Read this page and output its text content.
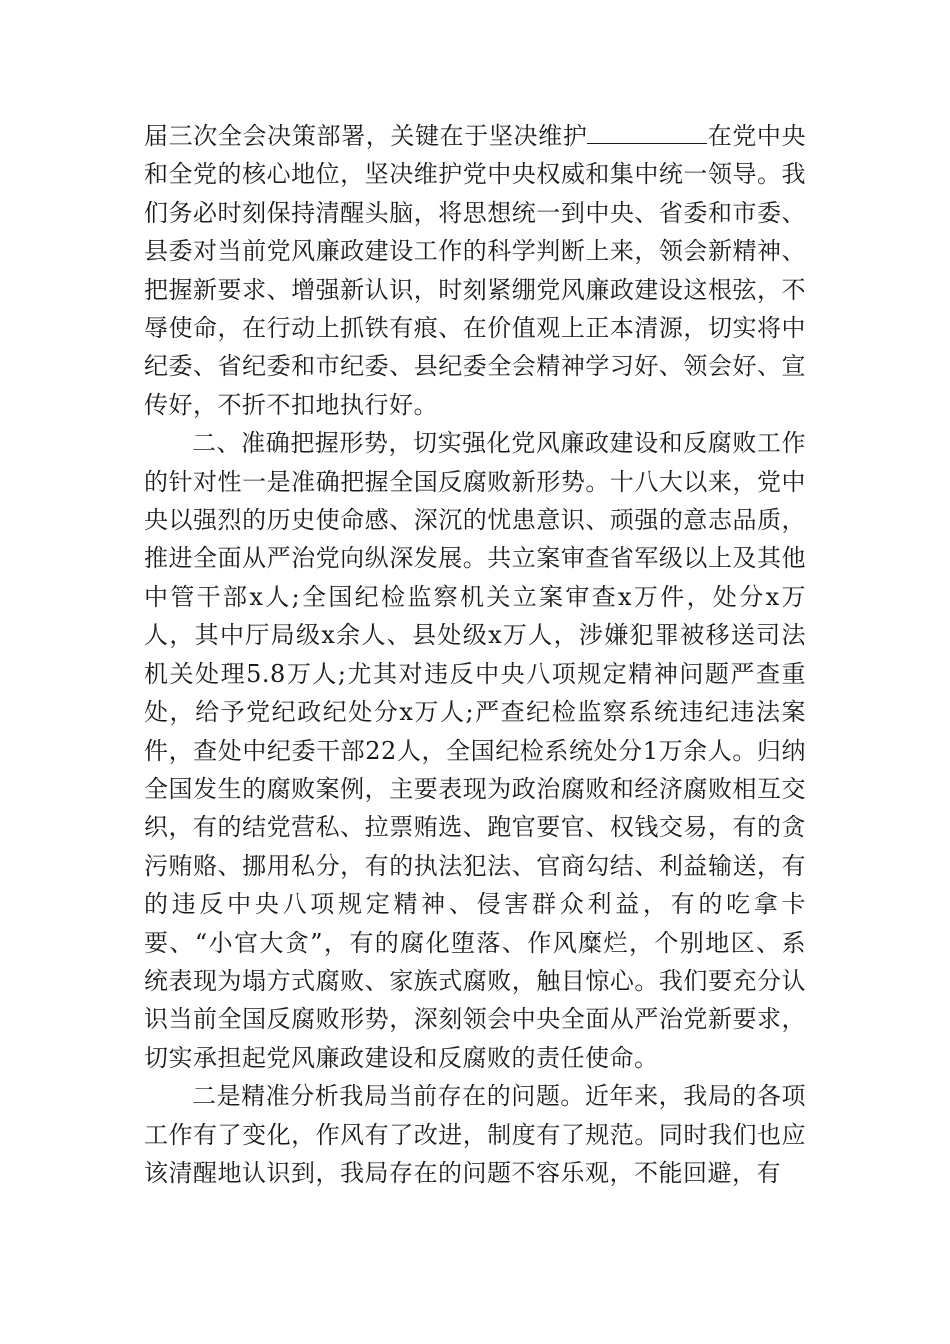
届三次全会决策部署，关键在于坚决维护	在党中央和全党的核心地位，坚决维护党中央权威和集中统一领导。我们务必时刻保持清醒头脑，将思想统一到中央、省委和市委、县委对当前党风廉政建设工作的科学判断上来，领会新精神、把握新要求、增强新认识，时刻紧绷党风廉政建设这根弦，不辱使命，在行动上抓铁有痕、在价值观上正本清源，切实将中纪委、省纪委和市纪委、县纪委全会精神学习好、领会好、宣传好，不折不扣地执行好。

二、准确把握形势，切实强化党风廉政建设和反腐败工作的针对性一是准确把握全国反腐败新形势。十八大以来，党中央以强烈的历史使命感、深沉的忧患意识、顽强的意志品质，推进全面从严治党向纵深发展。共立案审查省军级以上及其他中管干部x人;全国纪检监察机关立案审查x万件，处分x万人，其中厅局级x余人、县处级x万人，涉嫌犯罪被移送司法机关处理5.8万人;尤其对违反中央八项规定精神问题严查重处，给予党纪政纪处分x万人;严查纪检监察系统违纪违法案件，查处中纪委干部22人，全国纪检系统处分1万余人。归纳全国发生的腐败案例，主要表现为政治腐败和经济腐败相互交织，有的结党营私、拉票贿选、跑官要官、权钱交易，有的贪污贿赂、挪用私分，有的执法犯法、官商勾结、利益输送，有的违反中央八项规定精神、侵害群众利益，有的吃拿卡要、“小官大贪”，有的腐化堕落、作风糜烂，个别地区、系统表现为塌方式腐败、家族式腐败，触目惊心。我们要充分认识当前全国反腐败形势，深刻领会中央全面从严治党新要求，切实承担起党风廉政建设和反腐败的责任使命。

二是精准分析我局当前存在的问题。近年来，我局的各项工作有了变化，作风有了改进，制度有了规范。同时我们也应该清醒地认识到，我局存在的问题不容乐观，不能回避，有
